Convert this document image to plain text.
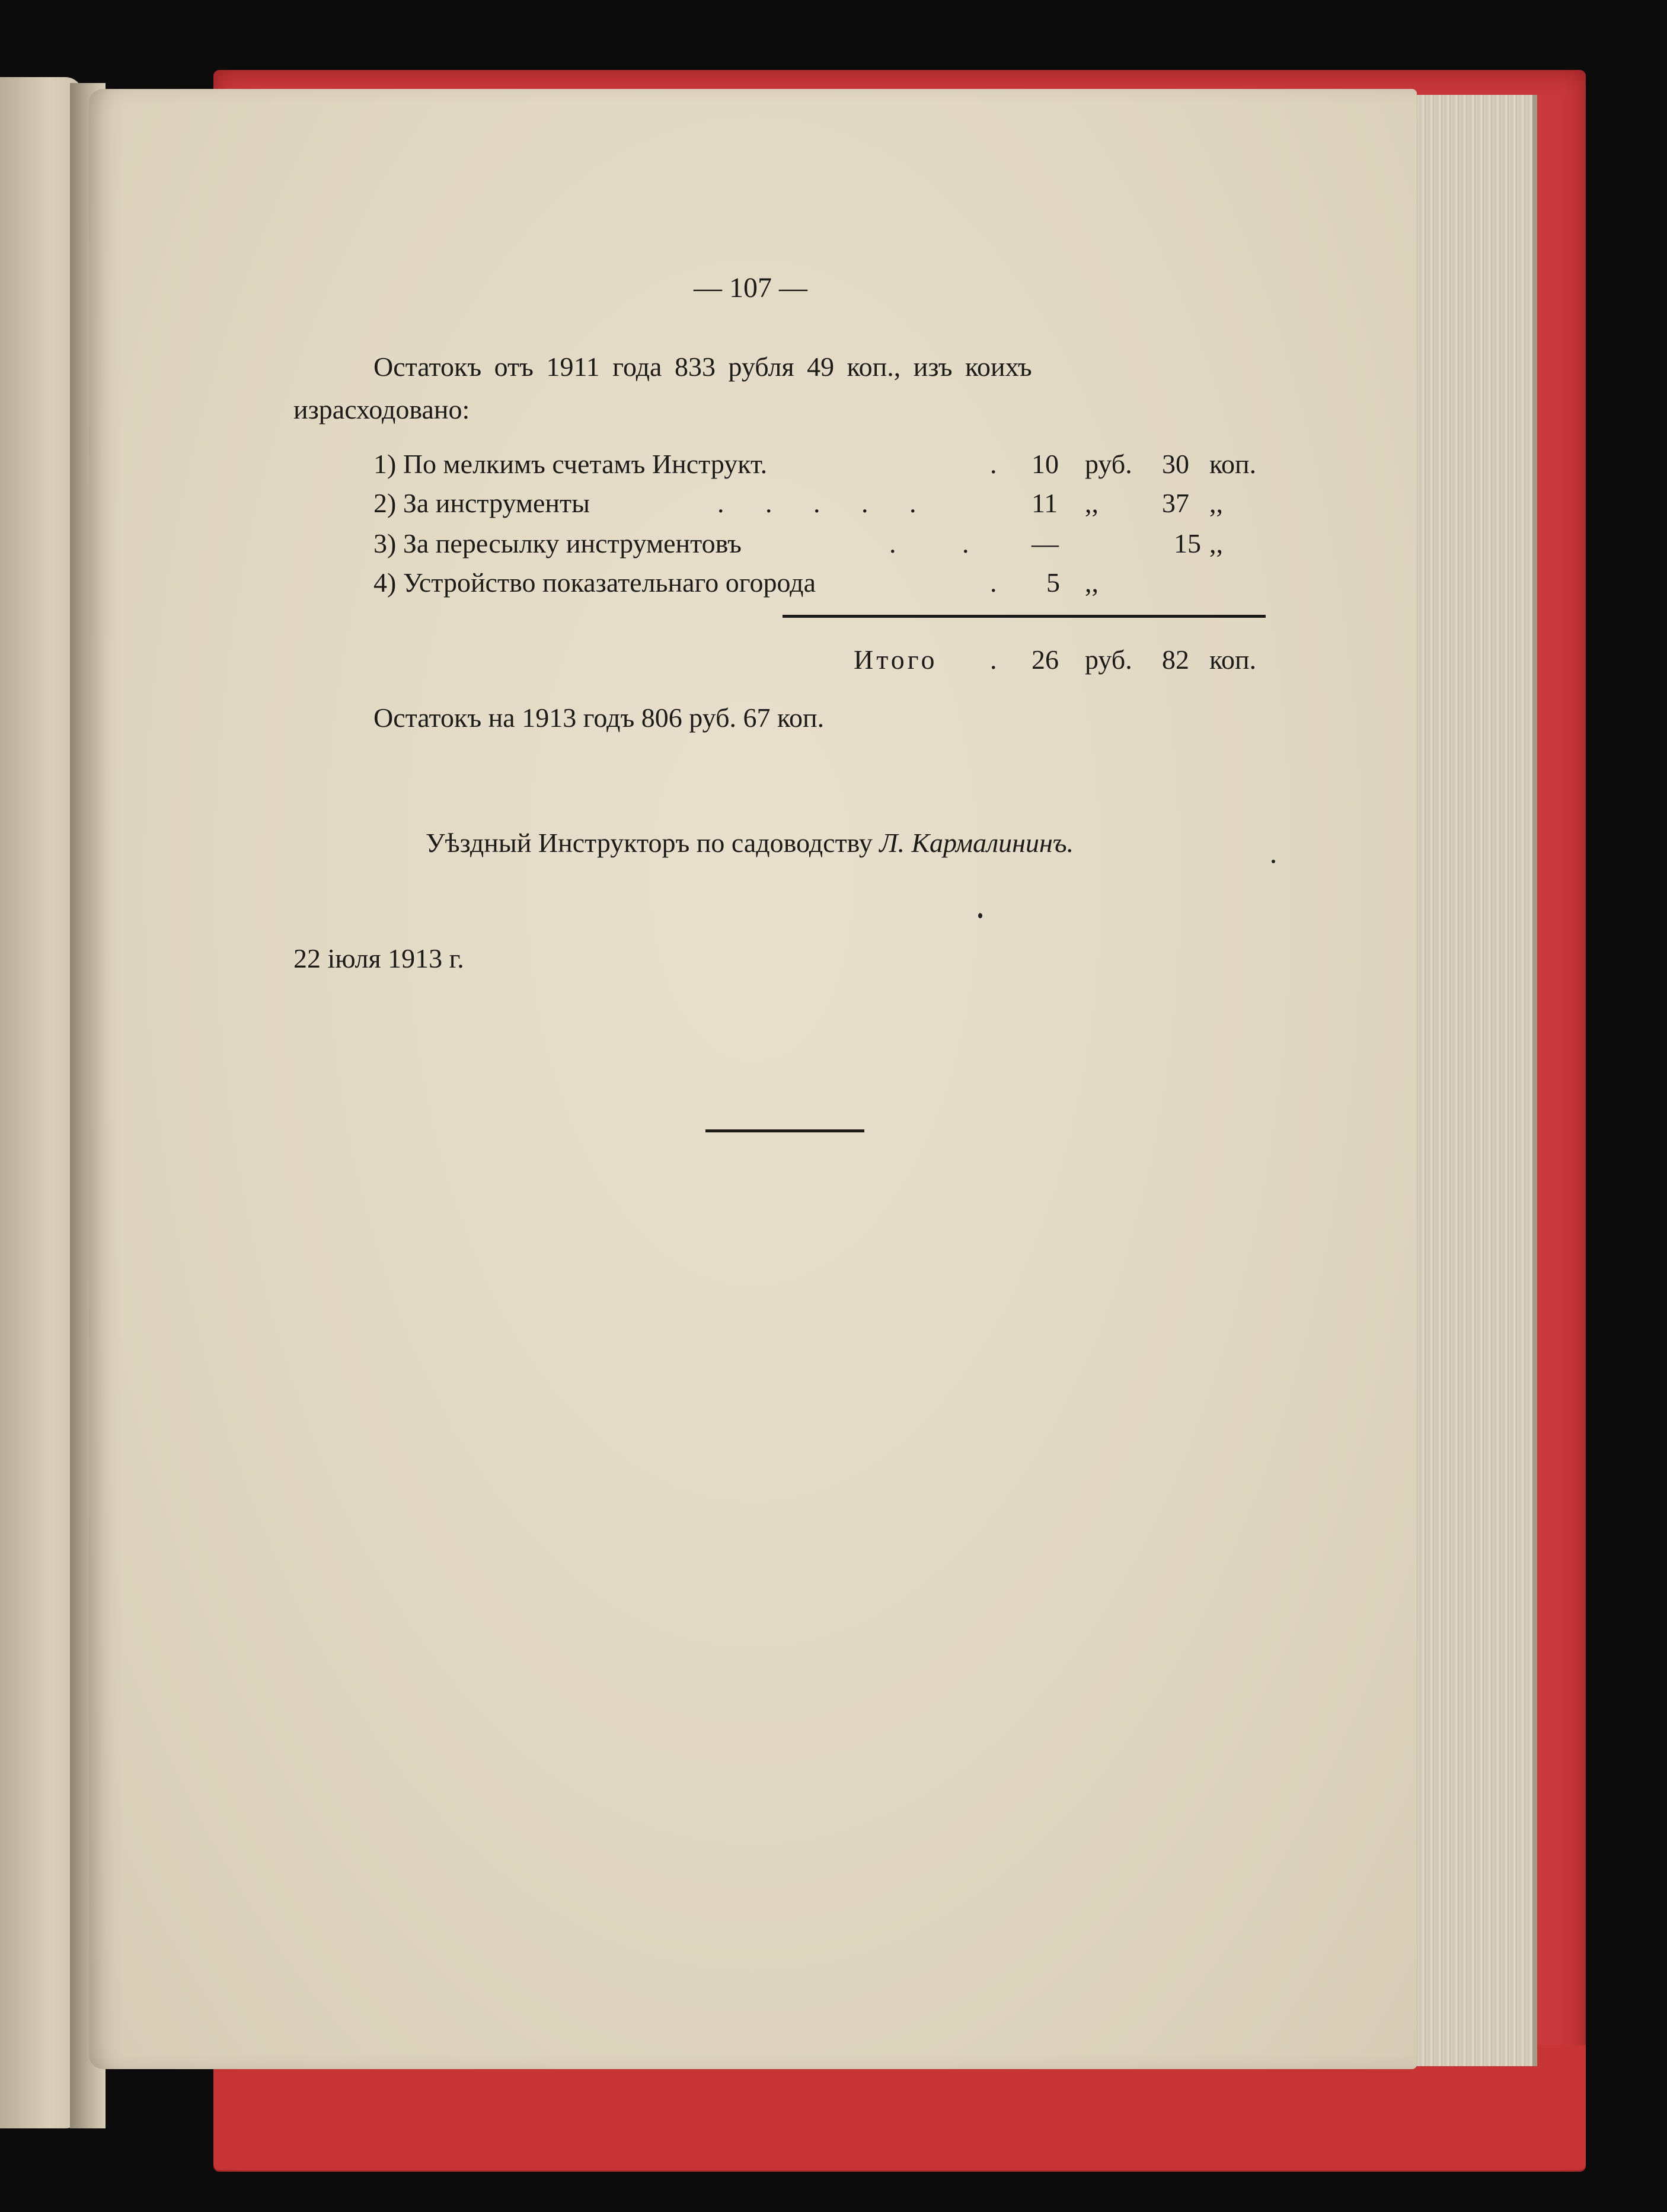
— 107 —
Остатокъ отъ 1911 года 833 рубля 49 коп., изъ коихъ
израсходовано:
1) По мелкимъ счетамъ Инструкт.	. 10 руб. 30 коп.
2) За инструменты	. . . . .	11 ,, 37 ,,
3) За пересылку инструментовъ	. . —	15 ,,
4) Устройство показательнаго огорода	. 5 ,,
Итого . 26 руб. 82 коп.
Остатокъ на 1913 годъ 806 руб. 67 коп.
Уѣздный Инструкторъ по садоводству Л. Кармалининъ.
22 іюля 1913 г.
